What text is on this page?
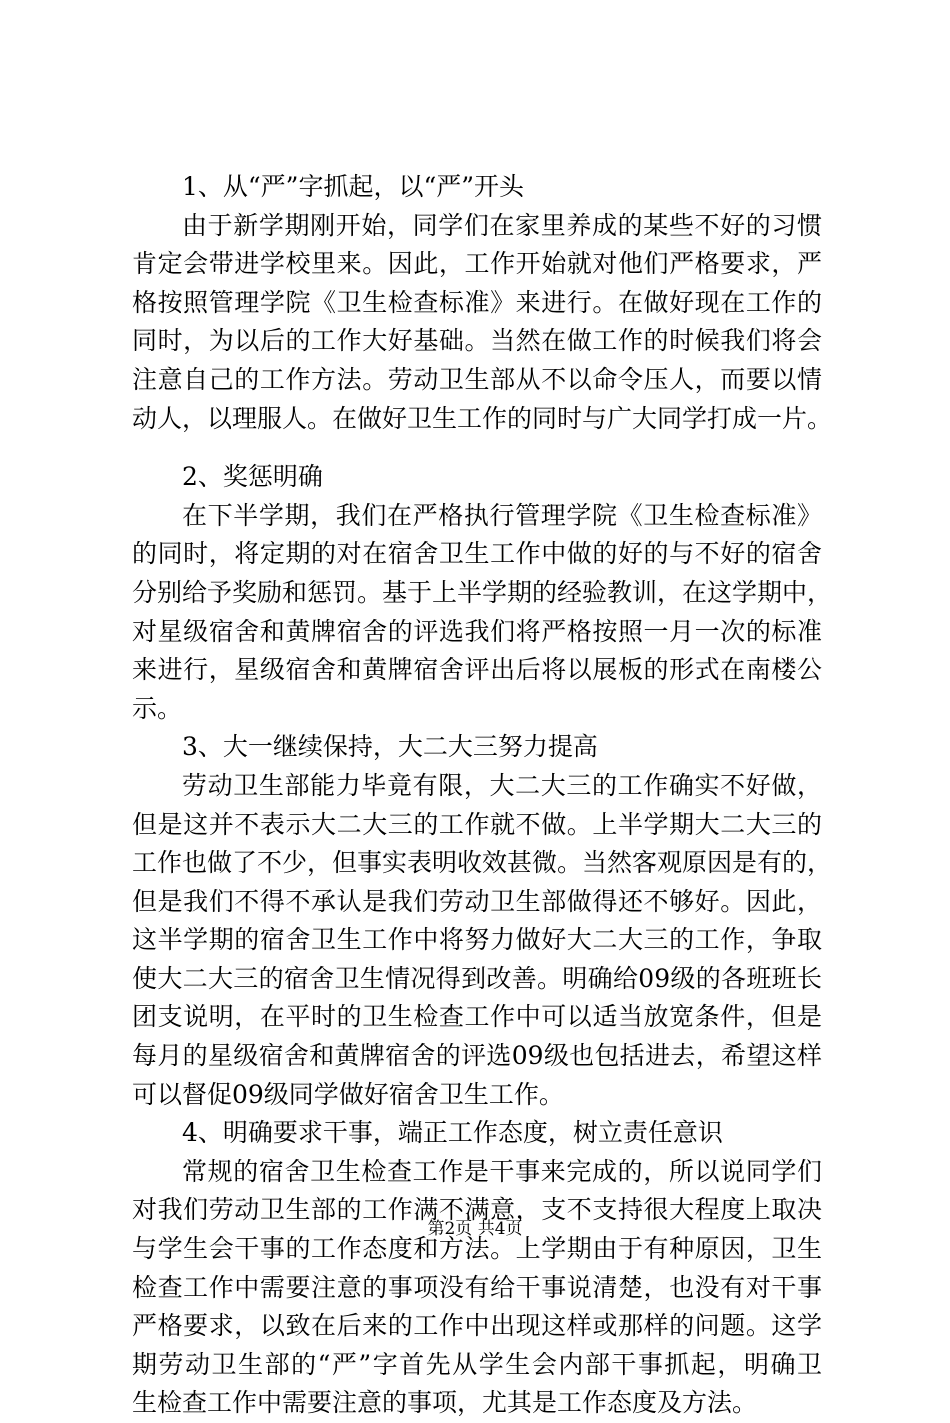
1、从“严”字抓起，以“严”开头
由于新学期刚开始，同学们在家里养成的某些不好的习惯
肯定会带进学校里来。因此，工作开始就对他们严格要求，严
格按照管理学院《卫生检查标准》来进行。在做好现在工作的
同时，为以后的工作大好基础。当然在做工作的时候我们将会
注意自己的工作方法。劳动卫生部从不以命令压人，而要以情
动人，以理服人。在做好卫生工作的同时与广大同学打成一片。
2、奖惩明确
在下半学期，我们在严格执行管理学院《卫生检查标准》
的同时，将定期的对在宿舍卫生工作中做的好的与不好的宿舍
分别给予奖励和惩罚。基于上半学期的经验教训，在这学期中，
对星级宿舍和黄牌宿舍的评选我们将严格按照一月一次的标准
来进行，星级宿舍和黄牌宿舍评出后将以展板的形式在南楼公
示。
3、大一继续保持，大二大三努力提高
劳动卫生部能力毕竟有限，大二大三的工作确实不好做，
但是这并不表示大二大三的工作就不做。上半学期大二大三的
工作也做了不少，但事实表明收效甚微。当然客观原因是有的，
但是我们不得不承认是我们劳动卫生部做得还不够好。因此，
这半学期的宿舍卫生工作中将努力做好大二大三的工作，争取
使大二大三的宿舍卫生情况得到改善。明确给09级的各班班长
团支说明，在平时的卫生检查工作中可以适当放宽条件，但是
每月的星级宿舍和黄牌宿舍的评选09级也包括进去，希望这样
可以督促09级同学做好宿舍卫生工作。
4、明确要求干事，端正工作态度，树立责任意识
常规的宿舍卫生检查工作是干事来完成的，所以说同学们
对我们劳动卫生部的工作满不满意，支不支持很大程度上取决
与学生会干事的工作态度和方法。上学期由于有种原因，卫生
检查工作中需要注意的事项没有给干事说清楚，也没有对干事
严格要求，以致在后来的工作中出现这样或那样的问题。这学
期劳动卫生部的“严”字首先从学生会内部干事抓起，明确卫
生检查工作中需要注意的事项，尤其是工作态度及方法。
第2页 共4页
